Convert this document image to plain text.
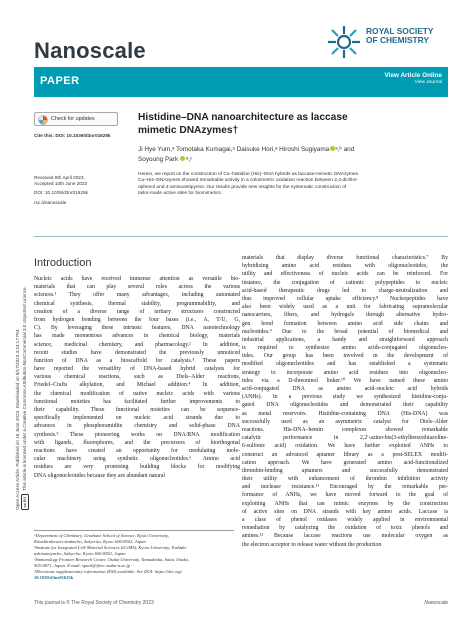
Open Access Article. Published on 16 June 2023. Downloaded on 6/17/2023 4:24:17 PM. cc BYThis article is licensed under a Creative Commons Attribution-NonCommercial 3.0 Unported Licence.
Nanoscale
ROYAL SOCIETY
OF CHEMISTRY
PAPER	View Article Online
View Journal
Check for updates
Cite this: DOI: 10.1039/d3nr01625k
Received 8th April 2023,
Accepted 10th June 2023
DOI: 10.1039/d3nr01625k
rsc.li/nanoscale
Histidine–DNA nanoarchitecture as laccase
mimetic DNAzymes†
Ji Hye Yum,ᵃ Tomotaka Kumagai,ᵃ Daisuke Hori,ᵃ Hiroshi Sugiyama ᵃ,ᵇ and
Soyoung Park ᵃ,ᶜ
Herein, we report on the construction of Cu–histidine (His)–DNA hybrids as laccase-mimetic DNAzymes.
Cu–His–DNAzymes showed remarkable activity in a colorimetric oxidation reaction between 2,4-dichlor-
ophenol and 4-aminoantipyrine. Our results provide new insights for the systematic construction of
tailor-made active sites for biomimetics.
Introduction
Nucleic acids have received immense attention as versatile bio-
materials that can play several roles across the various
sciences.¹ They offer many advantages, including automated
chemical synthesis, thermal stability, programmability, and
creation of a diverse range of tertiary structures constructed
from hydrogen bonding between the four bases (i.e., A, T/U, G,
C). By leveraging these intrinsic features, DNA nanotechnology
has made momentous advances in chemical biology, materials
science, medicinal chemistry, and pharmacology.² In addition,
recent studies have demonstrated the previously unnoticed
function of DNA as a bioscaffold for catalysis.³ These papers
have reported the versatility of DNA-based hybrid catalysts for
various chemical reactions, such as Diels–Alder reactions,
Friedel–Crafts alkylation, and Michael addition.⁴ In addition,
the chemical modification of native nucleic acids with various
functional moieties has facilitated further improvements to
their capability. These functional moieties can be sequence-
specifically implemented on nucleic acid strands due to
advances in phosphoramidite chemistry and solid-phase DNA
synthesis.⁵ These pioneering works on DNA/RNA modification
with ligands, fluorophores, and the precursors of biorthogonal
reactions have created an opportunity for modulating mole-
cular machinery using synthetic oligonucleotides.⁶ Amino acid
residues are very promising building blocks for modifying
DNA oligonucleotides because they are abundant natural
materials that display diverse functional characteristics.⁷ By
hybridizing amino acid residues with oligonucleotides, the
utility and effectiveness of nucleic acids can be reinforced. For
instance, the conjugation of cationic polypeptides to nucleic
acid-based therapeutic drugs led to charge-neutralization and
thus improved cellular uptake efficiency.⁸ Nucleopeptides have
also been widely used as a unit for fabricating supramolecular
nanocarriers, fibers, and hydrogels through alternative hydro-
gen bond formation between amino acid side chains and
nucleotides.⁹ Due to the broad potential of biomedical and
industrial applications, a handy and straightforward approach
is required to synthesize amino acids-conjugated oligonucleo-
tides. Our group has been involved in the development of
modified oligonucleotides and has established a systematic
strategy to incorporate amino acid residues into oligonucleo-
tides via a D-threoninol linker.¹⁰ We have named these amino
acid-conjugated DNA as amino acid–nucleic acid hybrids
(ANHs). In a previous study we synthesized histidine-conju-
gated DNA oligonucleotides and demonstrated their capability
as metal reservoirs. Histidine-containing DNA (His-DNA) was
successfully used as an asymmetric catalyst for Diels–Alder
reactions. His-DNA–hemin complexes showed remarkable
catalytic performance in 2,2′-azino-bis(3-ethylbenzothiazoline-
6-sulfonic acid) oxidation. We have further exploited ANHs to
construct an advanced aptamer library as a post-SELEX modifi-
cation approach. We have generated amino acid-functionalized
thrombin-binding aptamers and successfully demonstrated
their utility with enhancement of thrombin inhibition activity
and nuclease resistance.¹¹ Encouraged by the remarkable per-
formance of ANHs, we have moved forward to the goal of
exploiting ANHs that can mimic enzymes by the construction
of active sites on DNA strands with key amino acids. Laccase is
a class of phenol oxidases widely applied in environmental
remediation by catalyzing the oxidation of toxic phenols and
amines.¹² Because laccase reactions use molecular oxygen as
the electron acceptor to release water without the production
ᵃDepartment of Chemistry, Graduate School of Science, Kyoto University,
Kitashirakawa-oiwakecho, Sakyo-ku, Kyoto 606-8502, Japan
ᵇInstitute for Integrated Cell-Material Sciences (iCeMS), Kyoto University, Yoshida-
ushinomiyacho, Sakyo-ku, Kyoto 606-8501, Japan
ᶜImmunology Frontier Research Center, Osaka University, Yamadaoka, Suita, Osaka,
565-0871, Japan. E-mail: spark@ifrec.osaka-u.ac.jp
†Electronic supplementary information (ESI) available. See DOI: https://doi.org/
10.1039/d3nr01625k
This journal is © The Royal Society of Chemistry 2023	Nanoscale
